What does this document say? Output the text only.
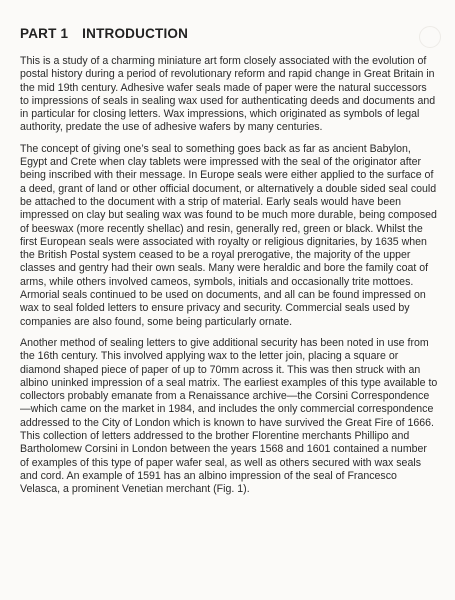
PART 1 INTRODUCTION

This is a study of a charming miniature art form closely associated with the evolution of postal history during a period of revolutionary reform and rapid change in Great Britain in the mid 19th century. Adhesive wafer seals made of paper were the natural successors to impressions of seals in sealing wax used for authenticating deeds and documents and in particular for closing letters. Wax impressions, which originated as symbols of legal authority, predate the use of adhesive wafers by many centuries.

The concept of giving one’s seal to something goes back as far as ancient Babylon, Egypt and Crete when clay tablets were impressed with the seal of the originator after being inscribed with their message. In Europe seals were either applied to the surface of a deed, grant of land or other official document, or alternatively a double sided seal could be attached to the document with a strip of material. Early seals would have been impressed on clay but sealing wax was found to be much more durable, being composed of beeswax (more recently shellac) and resin, generally red, green or black. Whilst the first European seals were associated with royalty or religious dignitaries, by 1635 when the British Postal system ceased to be a royal prerogative, the majority of the upper classes and gentry had their own seals. Many were heraldic and bore the family coat of arms, while others involved cameos, symbols, initials and occasionally trite mottoes. Armorial seals continued to be used on documents, and all can be found impressed on wax to seal folded letters to ensure privacy and security. Commercial seals used by companies are also found, some being particularly ornate.

Another method of sealing letters to give additional security has been noted in use from the 16th century. This involved applying wax to the letter join, placing a square or diamond shaped piece of paper of up to 70mm across it. This was then struck with an albino uninked impression of a seal matrix. The earliest examples of this type available to collectors probably emanate from a Renaissance archive—the Corsini Correspondence—which came on the market in 1984, and includes the only commercial correspondence addressed to the City of London which is known to have survived the Great Fire of 1666. This collection of letters addressed to the brother Florentine merchants Phillipo and Bartholomew Corsini in London between the years 1568 and 1601 contained a number of examples of this type of paper wafer seal, as well as others secured with wax seals and cord. An example of 1591 has an albino impression of the seal of Francesco Velasca, a prominent Venetian merchant (Fig. 1).
